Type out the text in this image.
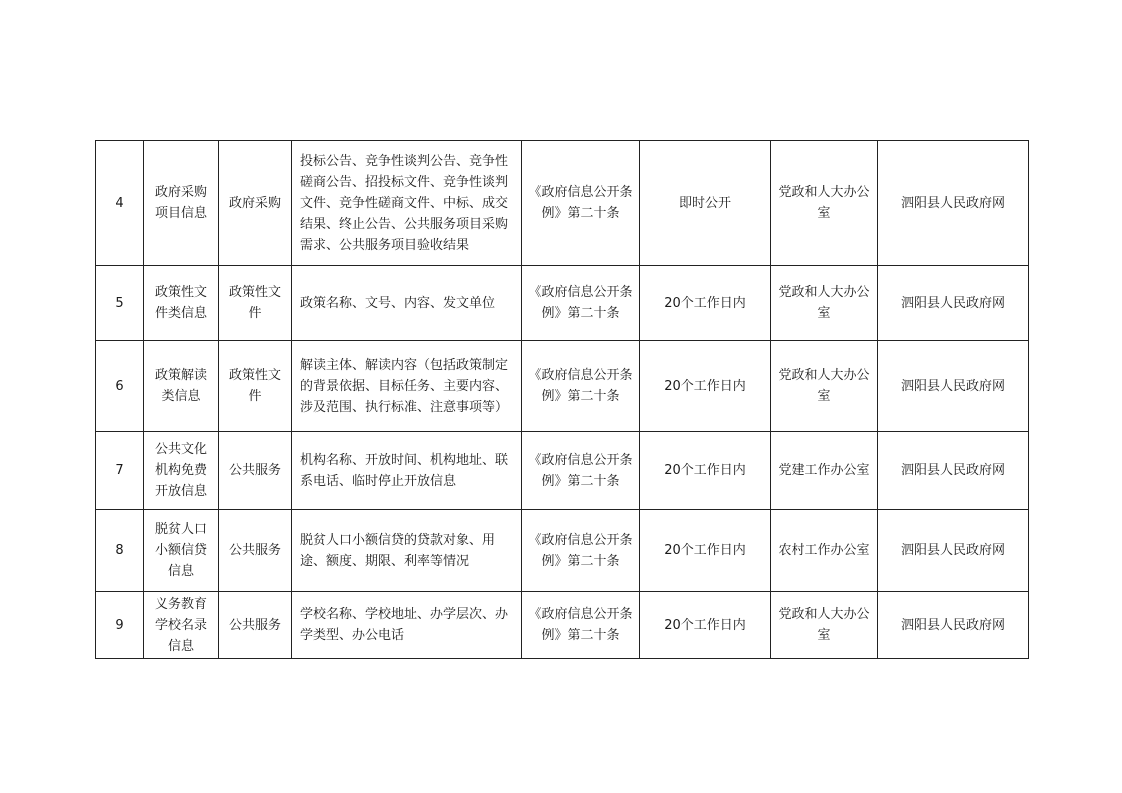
4	政府采购项目信息	政府采购	投标公告、竞争性谈判公告、竞争性磋商公告、招投标文件、竞争性谈判文件、竞争性磋商文件、中标、成交结果、终止公告、公共服务项目采购需求、公共服务项目验收结果	《政府信息公开条例》第二十条	即时公开	党政和人大办公室	泗阳县人民政府网
5	政策性文件类信息	政策性文件	政策名称、文号、内容、发文单位	《政府信息公开条例》第二十条	20个工作日内	党政和人大办公室	泗阳县人民政府网
6	政策解读类信息	政策性文件	解读主体、解读内容（包括政策制定的背景依据、目标任务、主要内容、涉及范围、执行标准、注意事项等）	《政府信息公开条例》第二十条	20个工作日内	党政和人大办公室	泗阳县人民政府网
7	公共文化机构免费开放信息	公共服务	机构名称、开放时间、机构地址、联系电话、临时停止开放信息	《政府信息公开条例》第二十条	20个工作日内	党建工作办公室	泗阳县人民政府网
8	脱贫人口小额信贷信息	公共服务	脱贫人口小额信贷的贷款对象、用途、额度、期限、利率等情况	《政府信息公开条例》第二十条	20个工作日内	农村工作办公室	泗阳县人民政府网
9	义务教育学校名录信息	公共服务	学校名称、学校地址、办学层次、办学类型、办公电话	《政府信息公开条例》第二十条	20个工作日内	党政和人大办公室	泗阳县人民政府网
